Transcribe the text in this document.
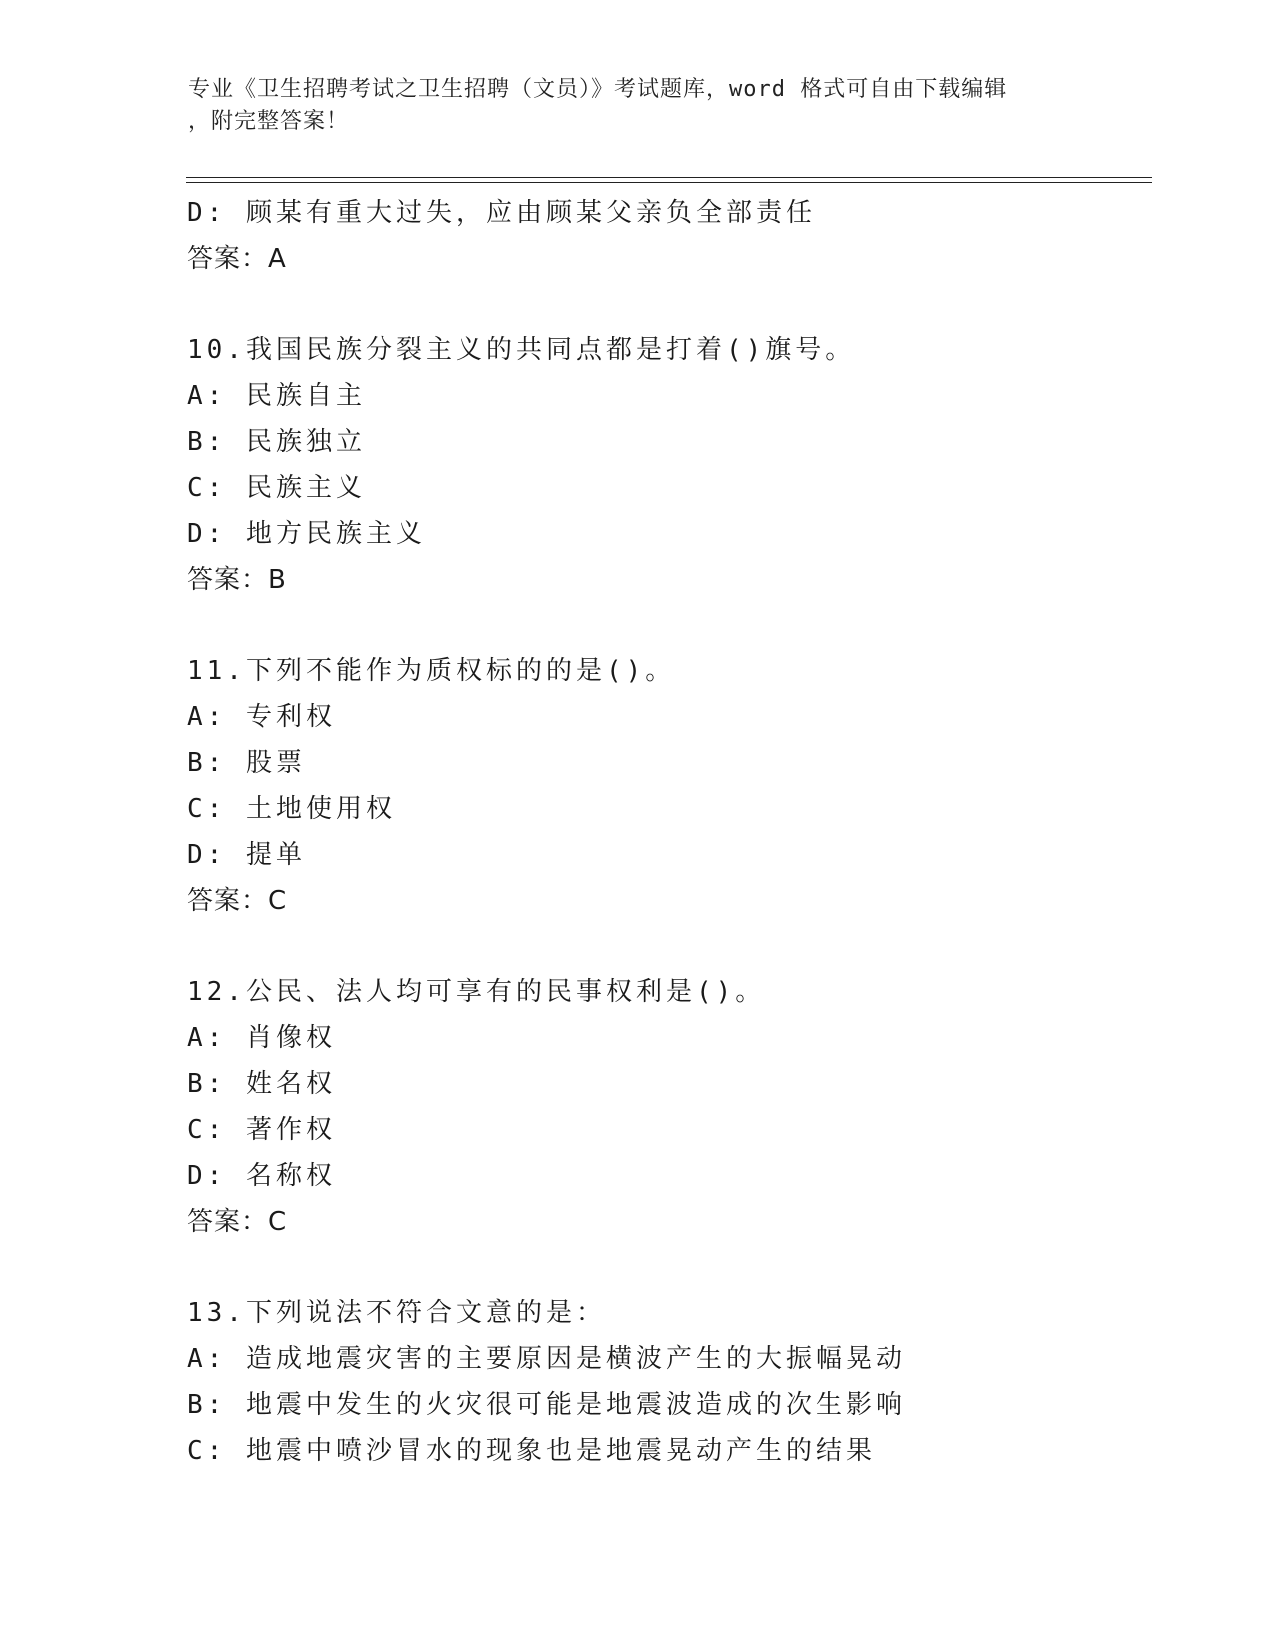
专业《卫生招聘考试之卫生招聘（文员）》考试题库，word 格式可自由下载编辑
，附完整答案！
D: 顾某有重大过失，应由顾某父亲负全部责任
答案：A
10.我国民族分裂主义的共同点都是打着()旗号。
A: 民族自主
B: 民族独立
C: 民族主义
D: 地方民族主义
答案：B
11.下列不能作为质权标的的是()。
A: 专利权
B: 股票
C: 土地使用权
D: 提单
答案：C
12.公民、法人均可享有的民事权利是()。
A: 肖像权
B: 姓名权
C: 著作权
D: 名称权
答案：C
13.下列说法不符合文意的是：
A: 造成地震灾害的主要原因是横波产生的大振幅晃动
B: 地震中发生的火灾很可能是地震波造成的次生影响
C: 地震中喷沙冒水的现象也是地震晃动产生的结果
